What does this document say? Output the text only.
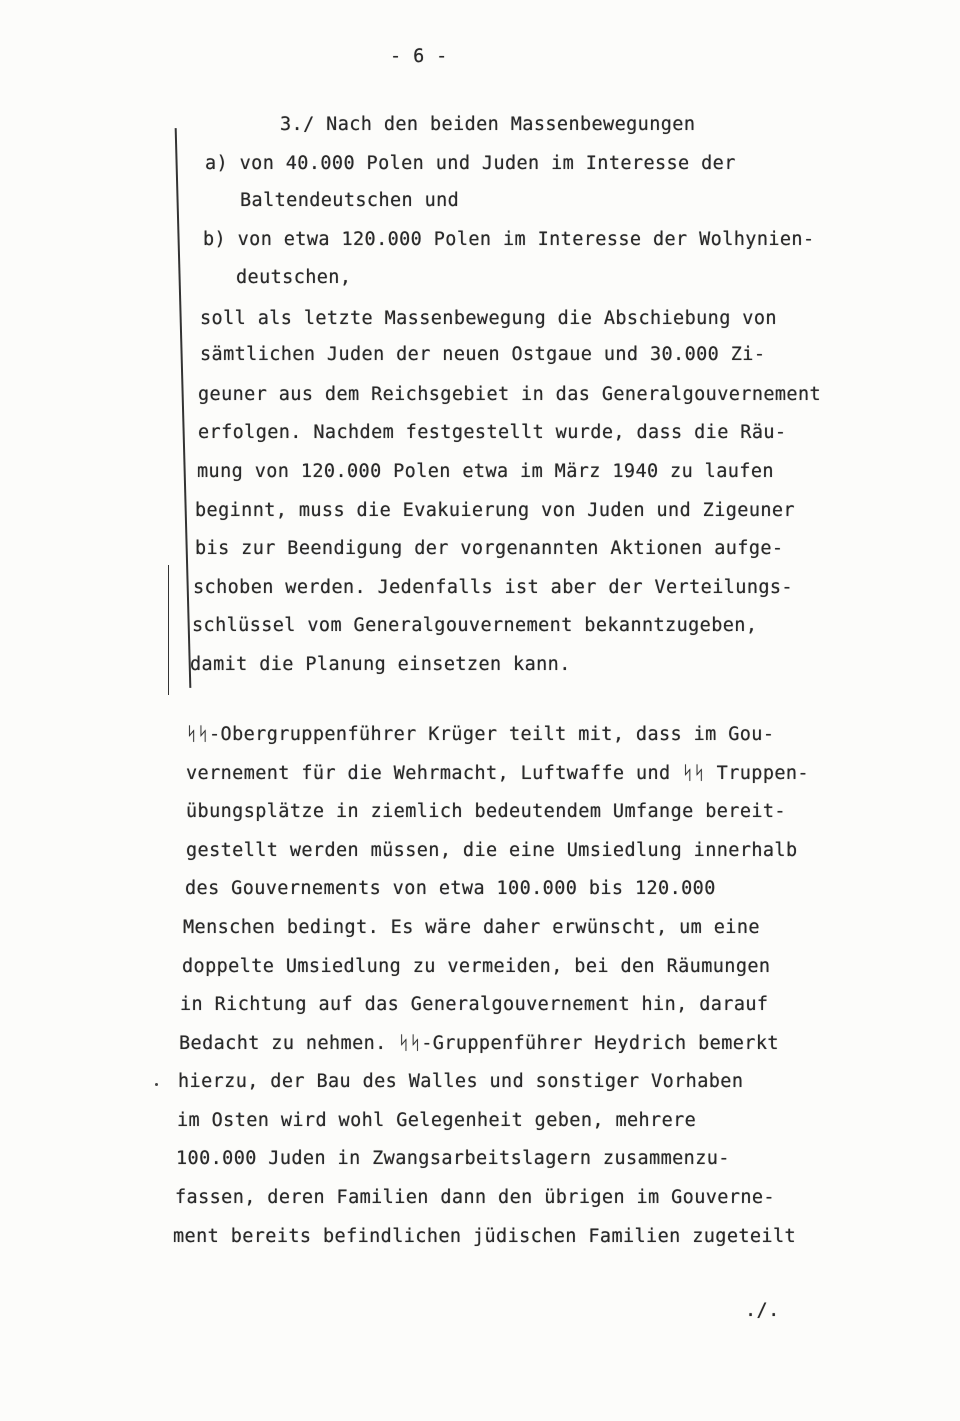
- 6 -
3./ Nach den beiden Massenbewegungen
a) von 40.000 Polen und Juden im Interesse der
Baltendeutschen und
b) von etwa 120.000 Polen im Interesse der Wolhynien-
deutschen,
soll als letzte Massenbewegung die Abschiebung von
sämtlichen Juden der neuen Ostgaue und 30.000 Zi-
geuner aus dem Reichsgebiet in das Generalgouvernement
erfolgen. Nachdem festgestellt wurde, dass die Räu-
mung von 120.000 Polen etwa im März 1940 zu laufen
beginnt, muss die Evakuierung von Juden und Zigeuner
bis zur Beendigung der vorgenannten Aktionen aufge-
schoben werden. Jedenfalls ist aber der Verteilungs-
schlüssel vom Generalgouvernement bekanntzugeben,
damit die Planung einsetzen kann.
ᛋᛋ-Obergruppenführer Krüger teilt mit, dass im Gou-
vernement für die Wehrmacht, Luftwaffe und ᛋᛋ Truppen-
übungsplätze in ziemlich bedeutendem Umfange bereit-
gestellt werden müssen, die eine Umsiedlung innerhalb
des Gouvernements von etwa 100.000 bis 120.000
Menschen bedingt. Es wäre daher erwünscht, um eine
doppelte Umsiedlung zu vermeiden, bei den Räumungen
in Richtung auf das Generalgouvernement hin, darauf
Bedacht zu nehmen. ᛋᛋ-Gruppenführer Heydrich bemerkt
hierzu, der Bau des Walles und sonstiger Vorhaben
im Osten wird wohl Gelegenheit geben, mehrere
100.000 Juden in Zwangsarbeitslagern zusammenzu-
fassen, deren Familien dann den übrigen im Gouverne-
ment bereits befindlichen jüdischen Familien zugeteilt
./.
